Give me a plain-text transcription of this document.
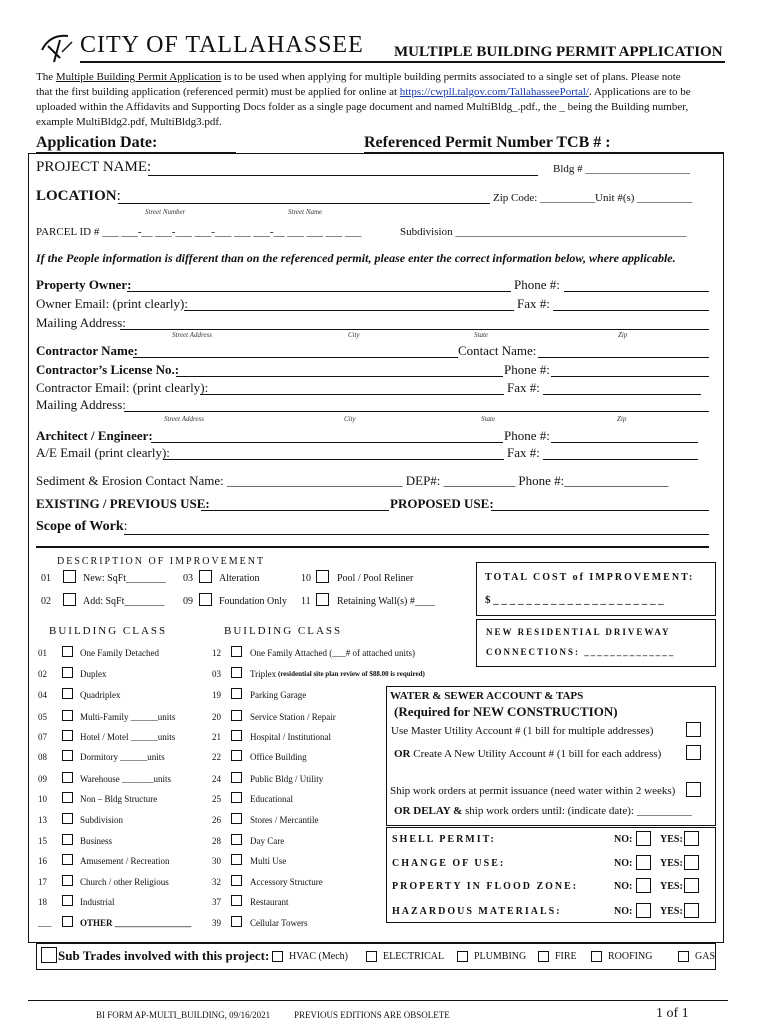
CITY OF TALLAHASSEE MULTIPLE BUILDING PERMIT APPLICATION
The Multiple Building Permit Application is to be used when applying for multiple building permits associated to a single set of plans. Please note
that the first building application (referenced permit) must be applied for online at https://cwpll.talgov.com/TallahasseePortal/. Applications are to be
uploaded within the Affidavits and Supporting Docs folder as a single page document and named MultiBldg_.pdf., the _ being the Building number,
example MultiBldg2.pdf, MultiBldg3.pdf.
Application Date:	Referenced Permit Number TCB # :
PROJECT NAME:	Bldg # ___________________
LOCATION:	Zip Code: __________Unit #(s) __________
Street Number	Street Name
PARCEL ID # ___ ___-__ ___-___ ___-___ ___ ___-__ ___ ___ ___ ___	Subdivision __________________________________________
If the People information is different than on the referenced permit, please enter the correct information below, where applicable.
Property Owner:	Phone #:
Owner Email: (print clearly):	Fax #:
Mailing Address:
Street Address	City	State	Zip
Contractor Name:	Contact Name:
Contractor’s License No.:	Phone #:
Contractor Email: (print clearly):	Fax #:
Mailing Address:
Street Address	City	State	Zip
Architect / Engineer:	Phone #:
A/E Email (print clearly):	Fax #:
Sediment & Erosion Contact Name: ___________________________ DEP#: ___________ Phone #:________________
EXISTING / PREVIOUS USE:	PROPOSED USE:
Scope of Work:
DESCRIPTION OF IMPROVEMENT
01	New: SqFt________ 03	Alteration	10	Pool / Pool Reliner
02	Add: SqFt________ 09	Foundation Only 11	Retaining Wall(s) #____
TOTAL COST of IMPROVEMENT:
$ _ _ _ _ _ _ _ _ _ _ _ _ _ _ _ _ _ _ _ _ _
BUILDING CLASS	BUILDING CLASS	NEW RESIDENTIAL DRIVEWAY
CONNECTIONS: ______________
01	One Family Detached
02	Duplex
04	Quadriplex
05	Multi-Family ______units
07	Hotel / Motel ______units
08	Dormitory ______units
09	Warehouse _______units
10	Non – Bldg Structure
13	Subdivision
15	Business
16	Amusement / Recreation
17	Church / other Religious
18	Industrial
___	OTHER _________________
12	One Family Attached (___# of attached units)
03	Triplex (residential site plan review of $88.00 is required)
19	Parking Garage
20	Service Station / Repair
21	Hospital / Institutional
22	Office Building
24	Public Bldg / Utility
25	Educational
26	Stores / Mercantile
28	Day Care
30	Multi Use
32	Accessory Structure
37	Restaurant
39	Cellular Towers
WATER & SEWER ACCOUNT & TAPS
(Required for NEW CONSTRUCTION)
Use Master Utility Account # (1 bill for multiple addresses)
OR Create A New Utility Account # (1 bill for each address)
Ship work orders at permit issuance (need water within 2 weeks)
OR DELAY & ship work orders until: (indicate date): __________
SHELL PERMIT:	NO:	YES:
CHANGE OF USE:	NO:	YES:
PROPERTY IN FLOOD ZONE:	NO:	YES:
HAZARDOUS MATERIALS:	NO:	YES:
Sub Trades involved with this project: HVAC (Mech)	ELECTRICAL	PLUMBING	FIRE	ROOFING	GAS
BI FORM AP-MULTI_BUILDING, 09/16/2021	PREVIOUS EDITIONS ARE OBSOLETE	1 of 1
